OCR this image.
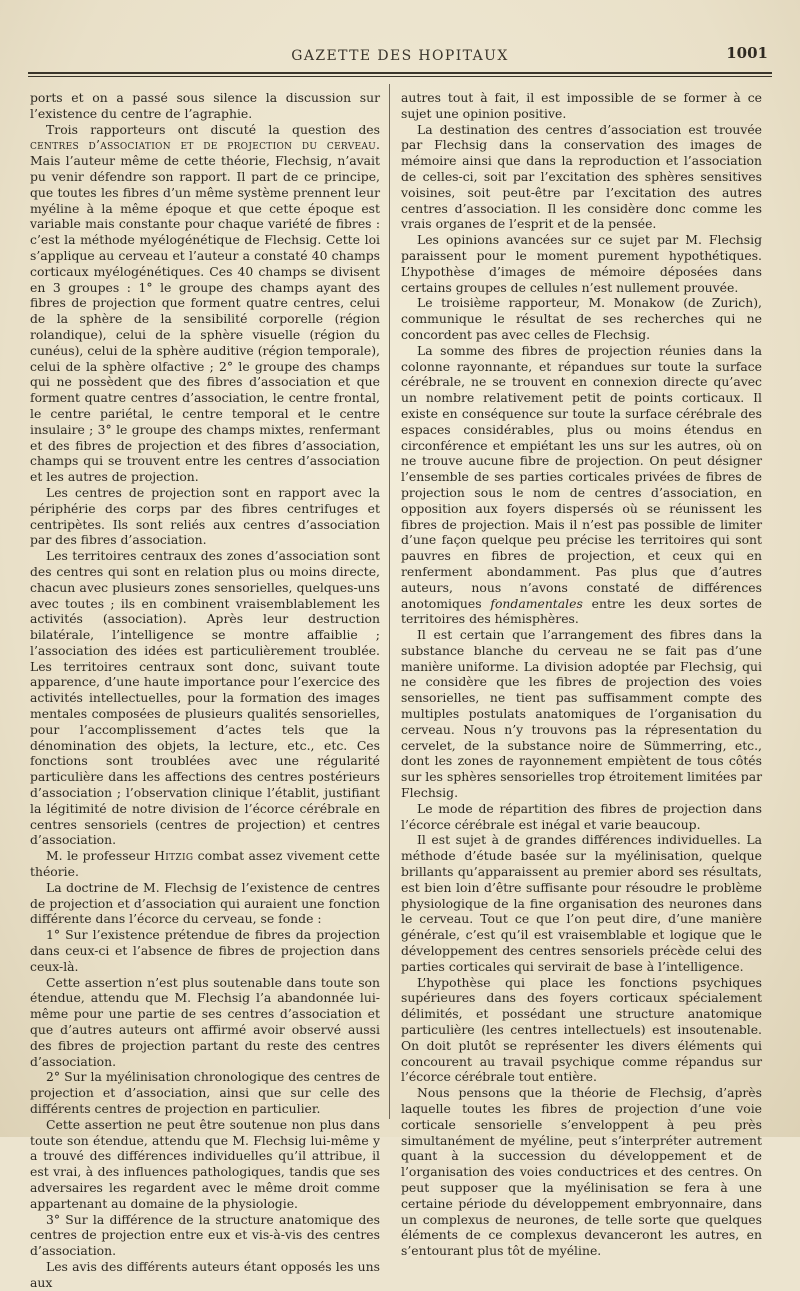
GAZETTE DES HOPITAUX	1001

ports et on a passé sous silence la discussion sur l’existence du centre de l’agraphie.

Trois rapporteurs ont discuté la question des centres d’association et de projection du cerveau. Mais l’auteur même de cette théorie, Flechsig, n’avait pu venir défendre son rapport. Il part de ce principe, que toutes les fibres d’un même système prennent leur myéline à la même époque et que cette époque est variable mais constante pour chaque variété de fibres : c’est la méthode myélogénétique de Flechsig. Cette loi s’applique au cerveau et l’auteur a constaté 40 champs corticaux myélogénétiques. Ces 40 champs se divisent en 3 groupes : 1° le groupe des champs ayant des fibres de projection que forment quatre centres, celui de la sphère de la sensibilité corporelle (région rolandique), celui de la sphère visuelle (région du cunéus), celui de la sphère auditive (région temporale), celui de la sphère olfactive ; 2° le groupe des champs qui ne possèdent que des fibres d’association et que forment quatre centres d’association, le centre frontal, le centre pariétal, le centre temporal et le centre insulaire ; 3° le groupe des champs mixtes, renfermant et des fibres de projection et des fibres d’association, champs qui se trouvent entre les centres d’association et les autres de projection.

Les centres de projection sont en rapport avec la périphérie des corps par des fibres centrifuges et centripètes. Ils sont reliés aux centres d’association par des fibres d’association.

Les territoires centraux des zones d’association sont des centres qui sont en relation plus ou moins directe, chacun avec plusieurs zones sensorielles, quelques-uns avec toutes ; ils en combinent vraisemblablement les activités (association). Après leur destruction bilatérale, l’intelligence se montre affaiblie ; l’association des idées est particulièrement troublée. Les territoires centraux sont donc, suivant toute apparence, d’une haute importance pour l’exercice des activités intellectuelles, pour la formation des images mentales composées de plusieurs qualités sensorielles, pour l’accomplissement d’actes tels que la dénomination des objets, la lecture, etc., etc. Ces fonctions sont troublées avec une régularité particulière dans les affections des centres postérieurs d’association ; l’observation clinique l’établit, justifiant la légitimité de notre division de l’écorce cérébrale en centres sensoriels (centres de projection) et centres d’association.

M. le professeur Hitzig combat assez vivement cette théorie.

La doctrine de M. Flechsig de l’existence de centres de projection et d’association qui auraient une fonction différente dans l’écorce du cerveau, se fonde :

1° Sur l’existence prétendue de fibres da projection dans ceux-ci et l’absence de fibres de projection dans ceux-là.

Cette assertion n’est plus soutenable dans toute son étendue, attendu que M. Flechsig l’a abandonnée lui-même pour une partie de ses centres d’association et que d’autres auteurs ont affirmé avoir observé aussi des fibres de projection partant du reste des centres d’association.

2° Sur la myélinisation chronologique des centres de projection et d’association, ainsi que sur celle des différents centres de projection en particulier.

Cette assertion ne peut être soutenue non plus dans toute son étendue, attendu que M. Flechsig lui-même y a trouvé des différences individuelles qu’il attribue, il est vrai, à des influences pathologiques, tandis que ses adversaires les regardent avec le même droit comme appartenant au domaine de la physiologie.

3° Sur la différence de la structure anatomique des centres de projection entre eux et vis-à-vis des centres d’association.

Les avis des différents auteurs étant opposés les uns aux

autres tout à fait, il est impossible de se former à ce sujet une opinion positive.

La destination des centres d’association est trouvée par Flechsig dans la conservation des images de mémoire ainsi que dans la reproduction et l’association de celles-ci, soit par l’excitation des sphères sensitives voisines, soit peut-être par l’excitation des autres centres d’association. Il les considère donc comme les vrais organes de l’esprit et de la pensée.

Les opinions avancées sur ce sujet par M. Flechsig paraissent pour le moment purement hypothétiques. L’hypothèse d’images de mémoire déposées dans certains groupes de cellules n’est nullement prouvée.

Le troisième rapporteur, M. Monakow (de Zurich), communique le résultat de ses recherches qui ne concordent pas avec celles de Flechsig.

La somme des fibres de projection réunies dans la colonne rayonnante, et répandues sur toute la surface cérébrale, ne se trouvent en connexion directe qu’avec un nombre relativement petit de points corticaux. Il existe en conséquence sur toute la surface cérébrale des espaces considérables, plus ou moins étendus en circonférence et empiétant les uns sur les autres, où on ne trouve aucune fibre de projection. On peut désigner l’ensemble de ses parties corticales privées de fibres de projection sous le nom de centres d’association, en opposition aux foyers dispersés où se réunissent les fibres de projection. Mais il n’est pas possible de limiter d’une façon quelque peu précise les territoires qui sont pauvres en fibres de projection, et ceux qui en renferment abondamment. Pas plus que d’autres auteurs, nous n’avons constaté de différences anotomiques fondamentales entre les deux sortes de territoires des hémisphères.

Il est certain que l’arrangement des fibres dans la substance blanche du cerveau ne se fait pas d’une manière uniforme. La division adoptée par Flechsig, qui ne considère que les fibres de projection des voies sensorielles, ne tient pas suffisamment compte des multiples postulats anatomiques de l’organisation du cerveau. Nous n’y trouvons pas la répresentation du cervelet, de la substance noire de Sümmerring, etc., dont les zones de rayonnement empiètent de tous côtés sur les sphères sensorielles trop étroitement limitées par Flechsig.

Le mode de répartition des fibres de projection dans l’écorce cérébrale est inégal et varie beaucoup.

Il est sujet à de grandes différences individuelles. La méthode d’étude basée sur la myélinisation, quelque brillants qu’apparaissent au premier abord ses résultats, est bien loin d’être suffisante pour résoudre le problème physiologique de la fine organisation des neurones dans le cerveau. Tout ce que l’on peut dire, d’une manière générale, c’est qu’il est vraisemblable et logique que le développement des centres sensoriels précède celui des parties corticales qui servirait de base à l’intelligence.

L’hypothèse qui place les fonctions psychiques supérieures dans des foyers corticaux spécialement délimités, et possédant une structure anatomique particulière (les centres intellectuels) est insoutenable. On doit plutôt se représenter les divers éléments qui concourent au travail psychique comme répandus sur l’écorce cérébrale tout entière.

Nous pensons que la théorie de Flechsig, d’après laquelle toutes les fibres de projection d’une voie corticale sensorielle s’enveloppent à peu près simultanément de myéline, peut s’interpréter autrement quant à la succession du développement et de l’organisation des voies conductrices et des centres. On peut supposer que la myélinisation se fera à une certaine période du développement embryonnaire, dans un complexus de neurones, de telle sorte que quelques éléments de ce complexus devanceront les autres, en s’entourant plus tôt de myéline.
